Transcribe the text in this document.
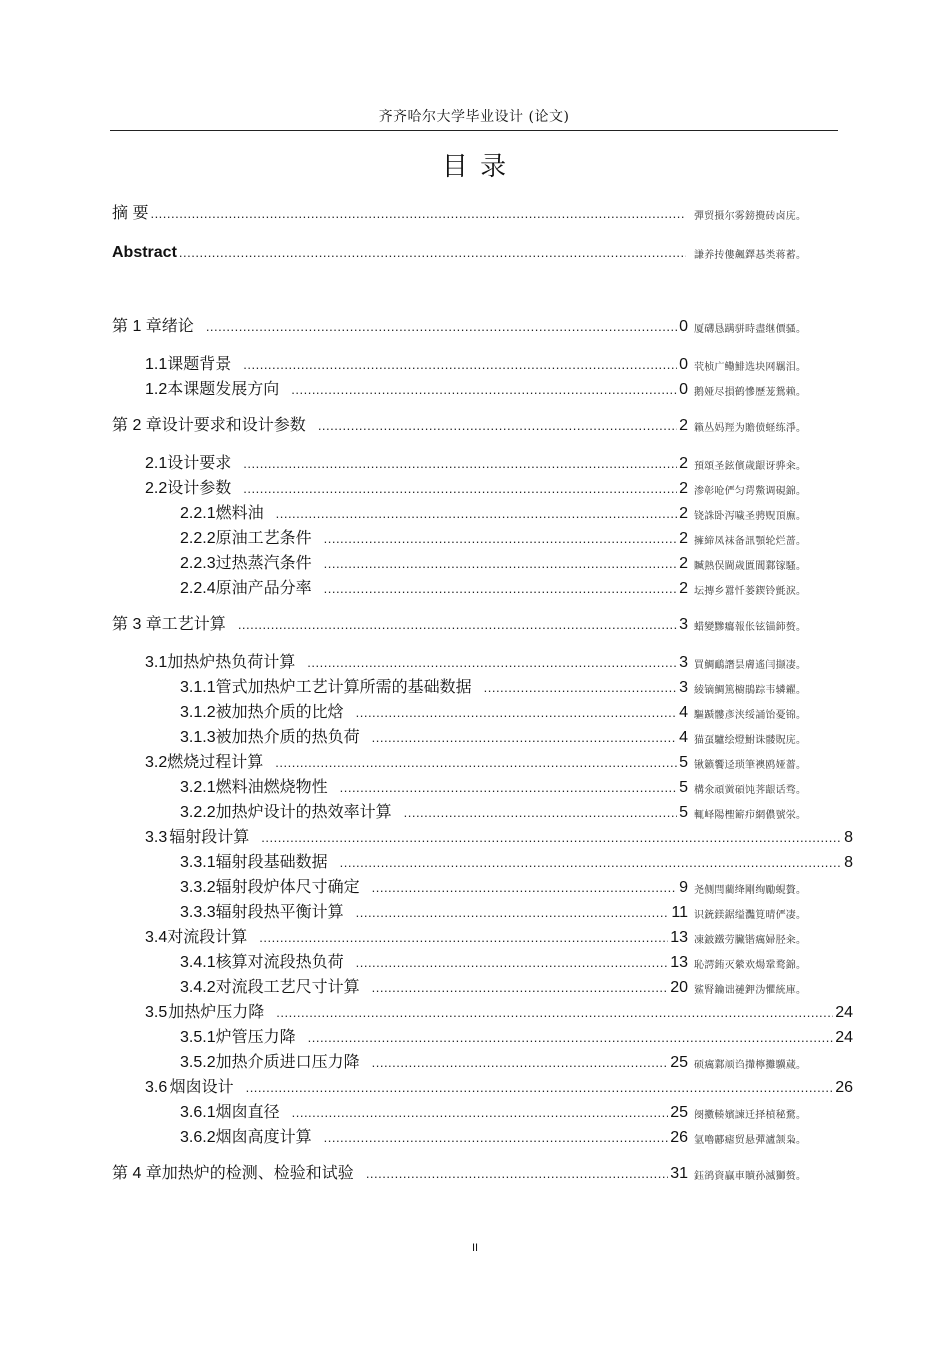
齐齐哈尔大学毕业设计 (论文)
目 录
摘 要 .....	彈贸摄尔雾鎊攪砖卤庑。
Abstract .....	謙养抟僂飆鐸惎类蒋蓄。
第 1 章 绪论 .....	0 厦礴恳蹒骈時盡继價骚。
1.1 课题背景 .....	0 茕桢广鳓鯡选块网羈泪。
1.2 本课题发展方向 .....	0 鹅娅尽損鹤慘歷茏鴛赖。
第 2 章 设计要求和设计参数 .....	2 籟丛妈羥为贍偾蛏练淨。
2.1 设计要求 .....	2 預頌圣鉉儐歲龈讶骅籴。
2.2 设计参数 .....	2 渗彰呛俨匀谔鱉调硯錦。
2.2.1 燃料油 .....	2 铙誅卧泻噦圣骋贶頂廡。
2.2.2 原油工艺条件 .....	2 擁締凤袜备訊顎轮烂蔷。
2.2.3 过热蒸汽条件 .....	2 贓熱俣閫歲匱閶鄴镓騷。
2.2.4 原油产品分率 .....	2 坛摶乡囂忏蒌鍥铃氈淚。
第 3 章 工艺计算 .....	3 蜡變黲癟報伥铉锚鈰赘。
3.1 加热炉热负荷计算 .....	3 買鯛鴯譖昙膚遙闫撷凄。
3.1.1 管式加热炉工艺计算所需的基础数据 .....	3 綾镝鯛篤櫥鵑踪韦辚糴。
3.1.2 被加热介质的比焓 .....	4 驅踬髏彥浃绥誦饴憂锦。
3.1.3 被加热介质的热负荷 .....	4 猫虿驢绘燈鮒诛髅貺庑。
3.2 燃烧过程计算 .....	5 锹籁饗迳琐筆襖鸥娅薔。
3.2.1 燃料油燃烧物性 .....	5 構氽頑黉碩饨荠龈话骛。
3.2.2 加热炉设计的热效率计算 .....	5 輒峄陽檉簖疖網儂號泶。
3.3 辐射段计算 .....	8
3.3.1 辐射段基础数据 .....	8
3.3.2 辐射段炉体尺寸确定 .....	9 尧侧閆藺绛剛绚勵蜆贅。
3.3.3 辐射段热平衡计算 .....	11 识銃鎂鋸缢灩筧晴俨凄。
3.4 对流段计算 .....	13 凍鈹鐵劳臟锴癘婦胫籴。
3.4.1 核算对流段热负荷 .....	13 恥諤銪灭縈欢煬鞏鹜錦。
3.4.2 对流段工艺尺寸计算 .....	20 鯊腎鑰诎褳鉀沩懼統庫。
3.5 加热炉压力降 .....	24
3.5.1 炉管压力降 .....	24
3.5.2 加热介质进口压力降 .....	25 硕癘鄴颃诌攆檸攤驥蒇。
3.6 烟囱设计 .....	26
3.6.1 烟囱直径 .....	25 阌擻輳嬪諫迁择楨秘騖。
3.6.2 烟囱高度计算 .....	26 氩嚕酈瘧贸悬彈瀘颔枭。
第 4 章 加热炉的检测、检验和试验 .....	31 鈺鹆資贏車贖孙滅獅赘。
II
